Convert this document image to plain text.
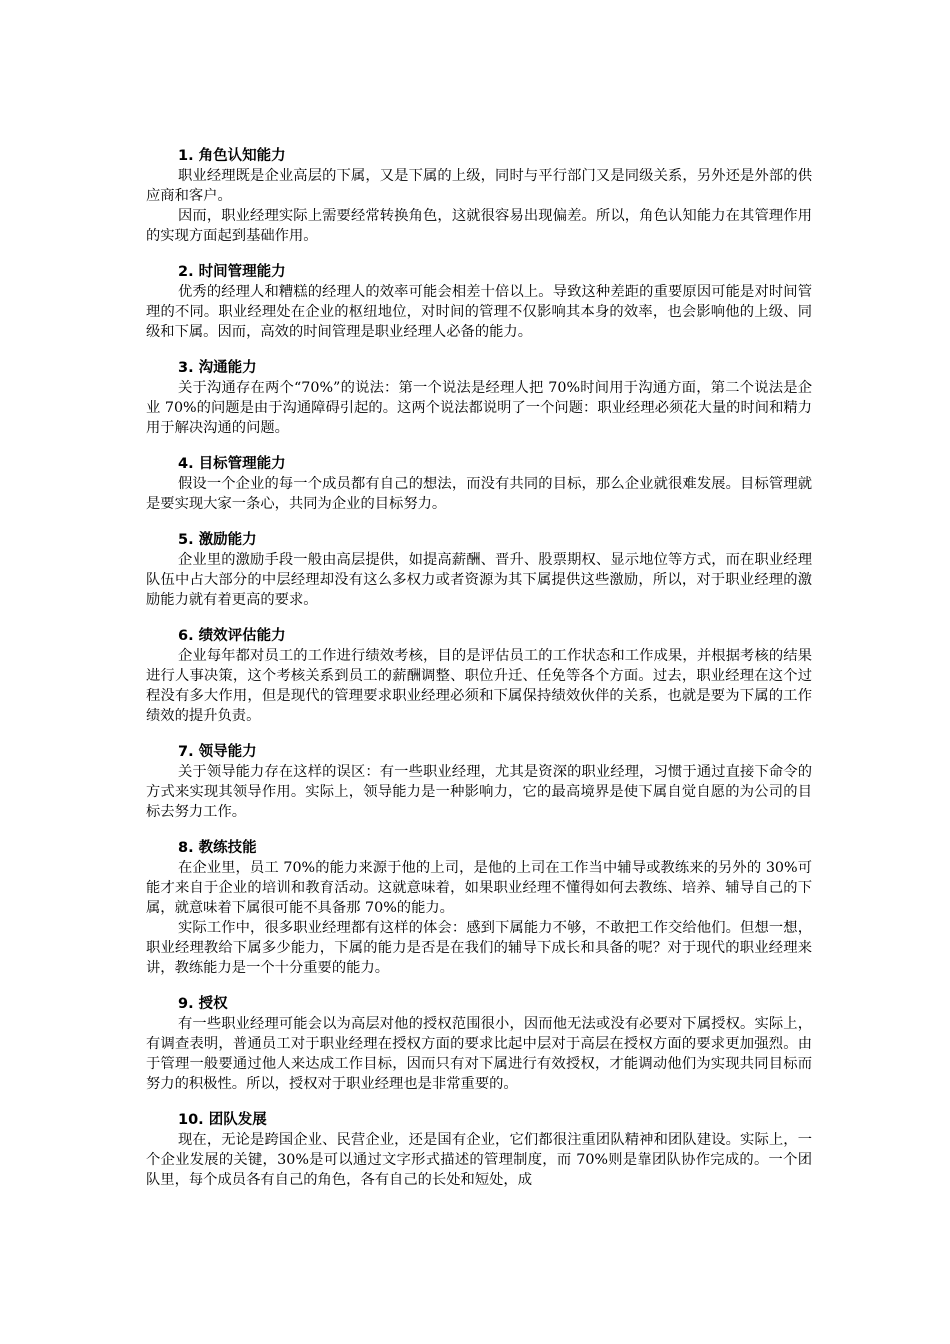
1. 角色认知能力

职业经理既是企业高层的下属，又是下属的上级，同时与平行部门又是同级关系，另外还是外部的供应商和客户。

因而，职业经理实际上需要经常转换角色，这就很容易出现偏差。所以，角色认知能力在其管理作用的实现方面起到基础作用。

2. 时间管理能力

优秀的经理人和糟糕的经理人的效率可能会相差十倍以上。导致这种差距的重要原因可能是对时间管理的不同。职业经理处在企业的枢纽地位，对时间的管理不仅影响其本身的效率，也会影响他的上级、同级和下属。因而，高效的时间管理是职业经理人必备的能力。

3. 沟通能力

关于沟通存在两个“70%”的说法：第一个说法是经理人把 70%时间用于沟通方面，第二个说法是企业 70%的问题是由于沟通障碍引起的。这两个说法都说明了一个问题：职业经理必须花大量的时间和精力用于解决沟通的问题。

4. 目标管理能力

假设一个企业的每一个成员都有自己的想法，而没有共同的目标，那么企业就很难发展。目标管理就是要实现大家一条心，共同为企业的目标努力。

5. 激励能力

企业里的激励手段一般由高层提供，如提高薪酬、晋升、股票期权、显示地位等方式，而在职业经理队伍中占大部分的中层经理却没有这么多权力或者资源为其下属提供这些激励，所以，对于职业经理的激励能力就有着更高的要求。

6. 绩效评估能力

企业每年都对员工的工作进行绩效考核，目的是评估员工的工作状态和工作成果，并根据考核的结果进行人事决策，这个考核关系到员工的薪酬调整、职位升迁、任免等各个方面。过去，职业经理在这个过程没有多大作用，但是现代的管理要求职业经理必须和下属保持绩效伙伴的关系，也就是要为下属的工作绩效的提升负责。

7. 领导能力

关于领导能力存在这样的误区：有一些职业经理，尤其是资深的职业经理，习惯于通过直接下命令的方式来实现其领导作用。实际上，领导能力是一种影响力，它的最高境界是使下属自觉自愿的为公司的目标去努力工作。

8. 教练技能

在企业里，员工 70%的能力来源于他的上司，是他的上司在工作当中辅导或教练来的另外的 30%可能才来自于企业的培训和教育活动。这就意味着，如果职业经理不懂得如何去教练、培养、辅导自己的下属，就意味着下属很可能不具备那 70%的能力。

实际工作中，很多职业经理都有这样的体会：感到下属能力不够，不敢把工作交给他们。但想一想，职业经理教给下属多少能力，下属的能力是否是在我们的辅导下成长和具备的呢？对于现代的职业经理来讲，教练能力是一个十分重要的能力。

9. 授权

有一些职业经理可能会以为高层对他的授权范围很小，因而他无法或没有必要对下属授权。实际上，有调查表明，普通员工对于职业经理在授权方面的要求比起中层对于高层在授权方面的要求更加强烈。由于管理一般要通过他人来达成工作目标，因而只有对下属进行有效授权，才能调动他们为实现共同目标而努力的积极性。所以，授权对于职业经理也是非常重要的。

10. 团队发展

现在，无论是跨国企业、民营企业，还是国有企业，它们都很注重团队精神和团队建设。实际上，一个企业发展的关键，30%是可以通过文字形式描述的管理制度，而 70%则是靠团队协作完成的。一个团队里，每个成员各有自己的角色，各有自己的长处和短处，成
